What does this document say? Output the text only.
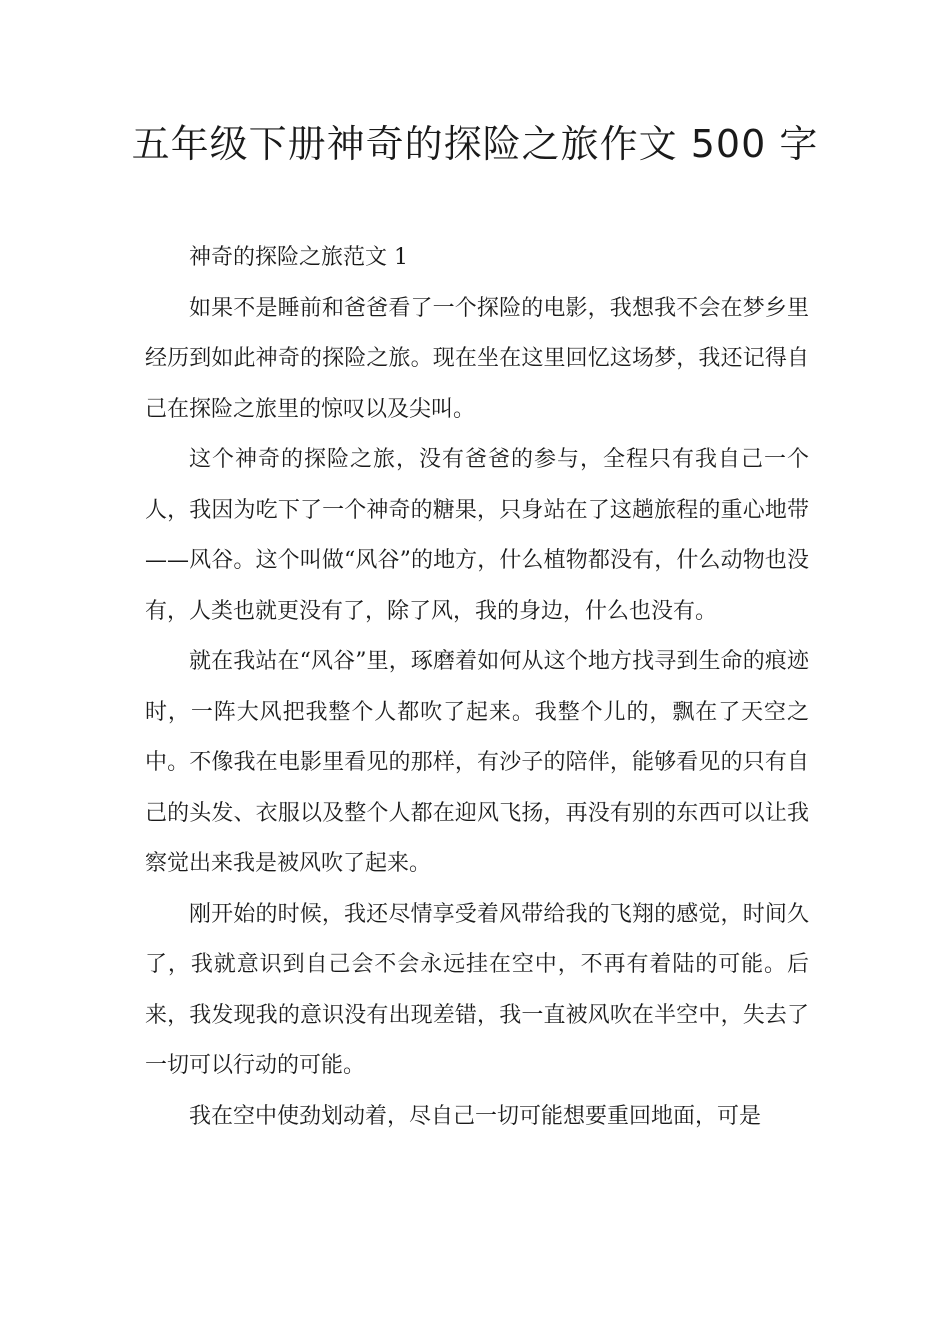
五年级下册神奇的探险之旅作文 500 字

神奇的探险之旅范文 1

如果不是睡前和爸爸看了一个探险的电影，我想我不会在梦乡里经历到如此神奇的探险之旅。现在坐在这里回忆这场梦，我还记得自己在探险之旅里的惊叹以及尖叫。

这个神奇的探险之旅，没有爸爸的参与，全程只有我自己一个人，我因为吃下了一个神奇的糖果，只身站在了这趟旅程的重心地带——风谷。这个叫做“风谷”的地方，什么植物都没有，什么动物也没有，人类也就更没有了，除了风，我的身边，什么也没有。

就在我站在“风谷”里，琢磨着如何从这个地方找寻到生命的痕迹时，一阵大风把我整个人都吹了起来。我整个儿的，飘在了天空之中。不像我在电影里看见的那样，有沙子的陪伴，能够看见的只有自己的头发、衣服以及整个人都在迎风飞扬，再没有别的东西可以让我察觉出来我是被风吹了起来。

刚开始的时候，我还尽情享受着风带给我的飞翔的感觉，时间久了，我就意识到自己会不会永远挂在空中，不再有着陆的可能。后来，我发现我的意识没有出现差错，我一直被风吹在半空中，失去了一切可以行动的可能。

我在空中使劲划动着，尽自己一切可能想要重回地面，可是
